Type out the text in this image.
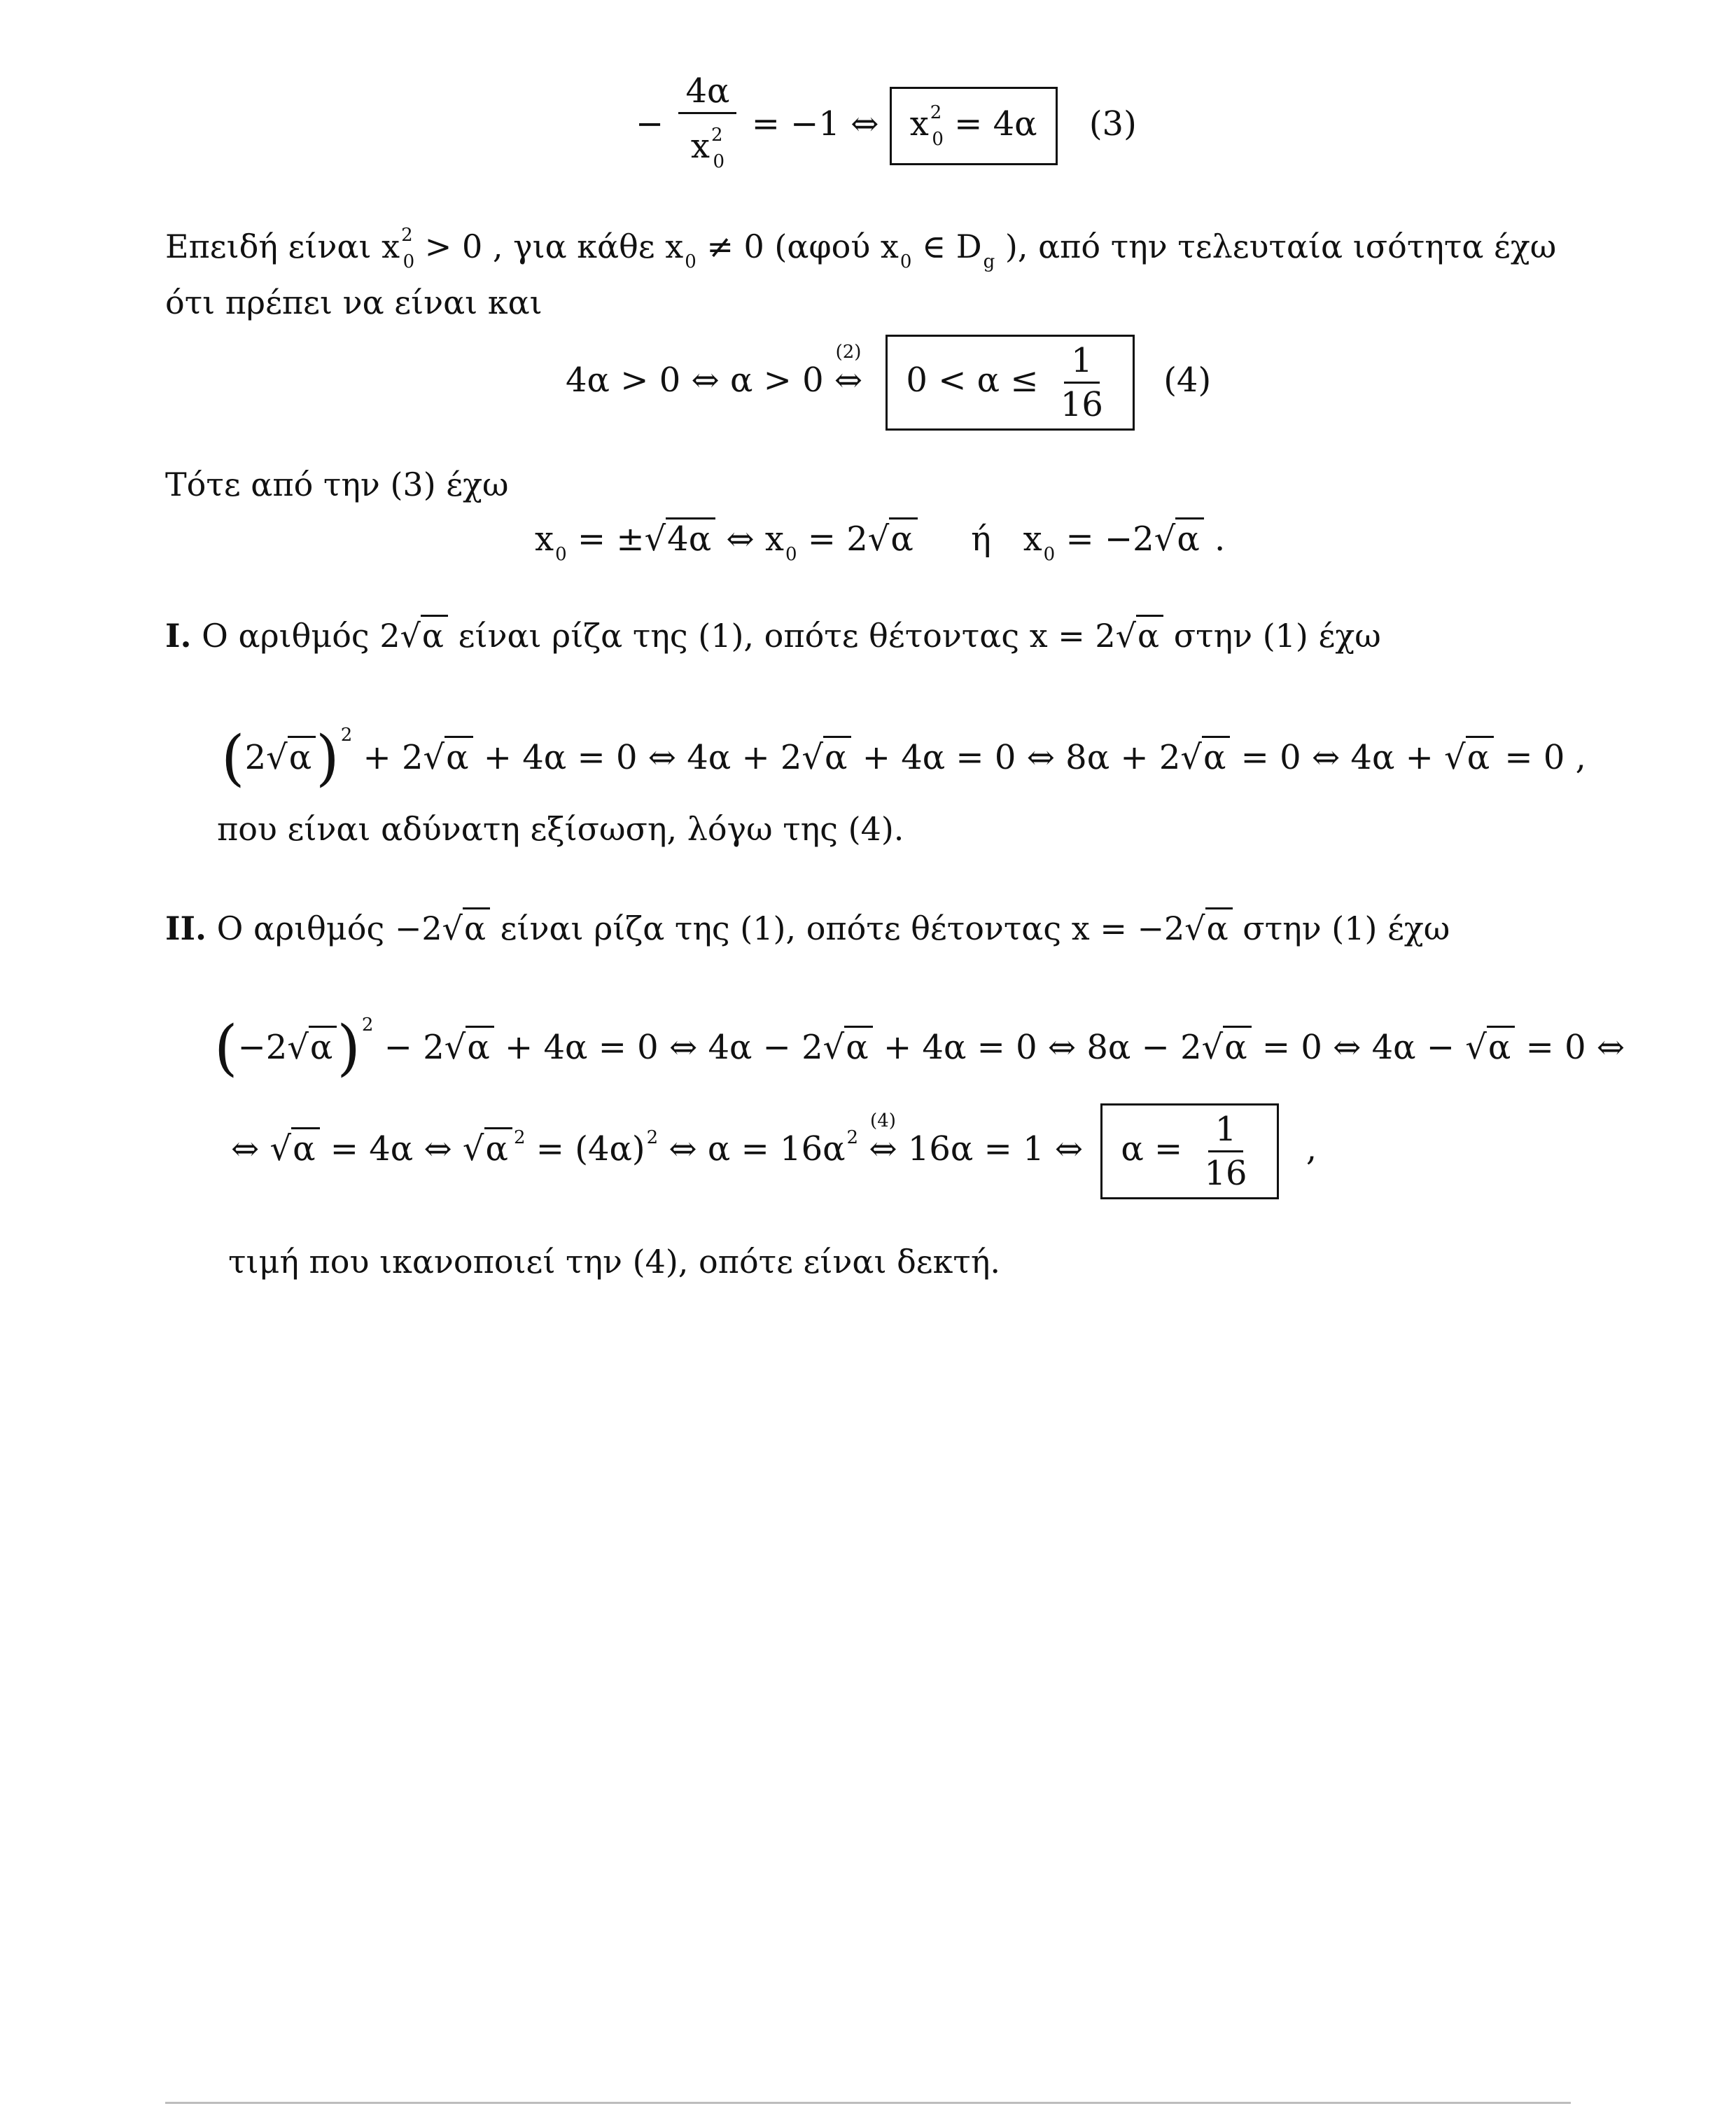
− $\frac{4\alpha}{x^2_0} = -1$ ⇔ $x^2_0 = 4\alpha$ (3)
Επειδή είναι $x^2_0 > 0$ , για κάθε $x_0 \ne 0$ (αφού $x_0$ ∈ $D_g$ ), από την τελευταία ισότητα έχω
ότι πρέπει να είναι και
4α > 0 ⇔ α > 0
(2)
⇔ $0 < \alpha \le \frac{1}{16} (4)$
Τότε από την (3) έχω
$x_0 = \pm√4\alpha$ ⇔ $x_0 = 2√\alpha$     ή   $x_0 = -2√\alpha$ .
I. Ο αριθμός 2√α είναι ρίζα της (1), οπότε θέτοντας x = 2√α στην (1) έχω
$(2√\alpha)^2 + 2√\alpha + 4\alpha = 0$ ⇔ 4α + 2√α + 4α = 0 ⇔ 8α + 2√α = 0 ⇔ 4α + √α = 0 ,
που είναι αδύνατη εξίσωση, λόγω της (4).
II. Ο αριθμός −2√α είναι ρίζα της (1), οπότε θέτοντας x = −2√α στην (1) έχω
$(-2√\alpha)^2 - 2√\alpha + 4\alpha = 0$ ⇔ 4α − 2√α + 4α = 0 ⇔ 8α − 2√α = 0 ⇔ 4α − √α = 0 ⇔
⇔ √α = 4α ⇔ √α $^2 = (4\alpha)^2$ ⇔ $\alpha = 16\alpha^2$
(4)
⇔ 16α = 1 ⇔ $\alpha = \frac{1}{16}$ ,
τιμή που ικανοποιεί την (4), οπότε είναι δεκτή.
